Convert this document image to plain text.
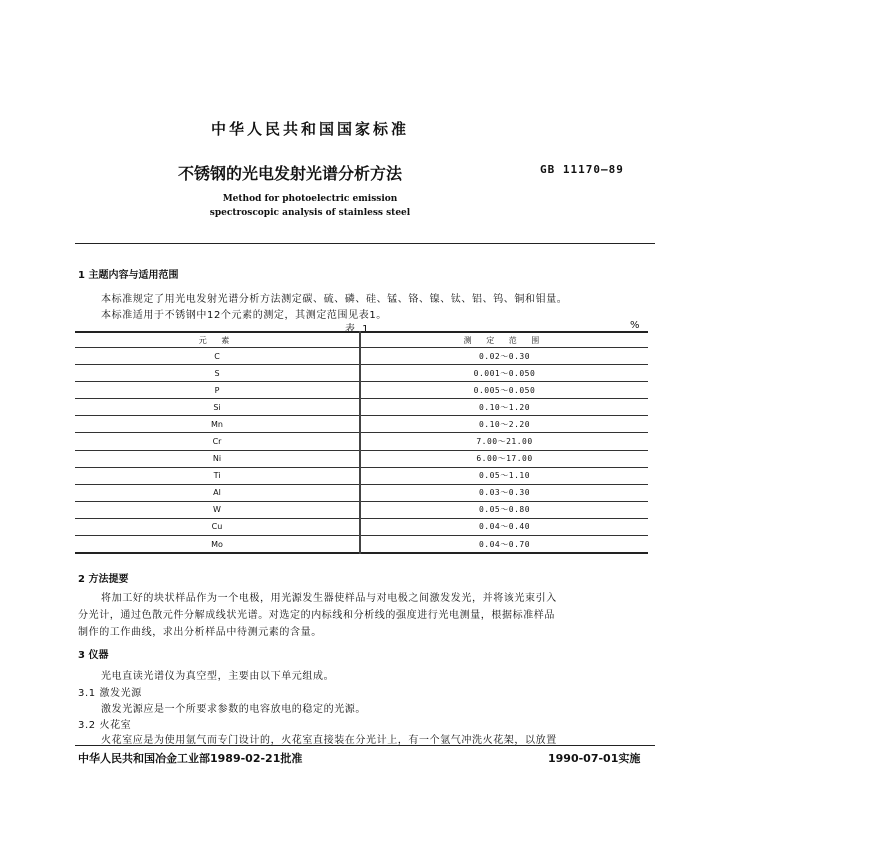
中华人民共和国国家标准
不锈钢的光电发射光谱分析方法	GB 11170—89
Method for photoelectric emission
spectroscopic analysis of stainless steel
1 主题内容与适用范围
本标准规定了用光电发射光谱分析方法测定碳、硫、磷、硅、锰、铬、镍、钛、铝、钨、铜和钼量。
本标准适用于不锈钢中12个元素的测定，其测定范围见表1。
表 1	%
元 素	测 定 范 围
C	0.02～0.30
S	0.001～0.050
P	0.005～0.050
Si	0.10～1.20
Mn	0.10～2.20
Cr	7.00～21.00
Ni	6.00～17.00
Ti	0.05～1.10
Al	0.03～0.30
W	0.05～0.80
Cu	0.04～0.40
Mo	0.04～0.70
2 方法提要
将加工好的块状样品作为一个电极，用光源发生器使样品与对电极之间激发发光，并将该光束引入
分光计，通过色散元件分解成线状光谱。对选定的内标线和分析线的强度进行光电测量，根据标准样品
制作的工作曲线，求出分析样品中待测元素的含量。
3 仪器
光电直读光谱仪为真空型，主要由以下单元组成。
3.1 激发光源
激发光源应是一个所要求参数的电容放电的稳定的光源。
3.2 火花室
火花室应是为使用氩气而专门设计的，火花室直接装在分光计上，有一个氩气冲洗火花架，以放置
中华人民共和国冶金工业部1989-02-21批准	1990-07-01实施
